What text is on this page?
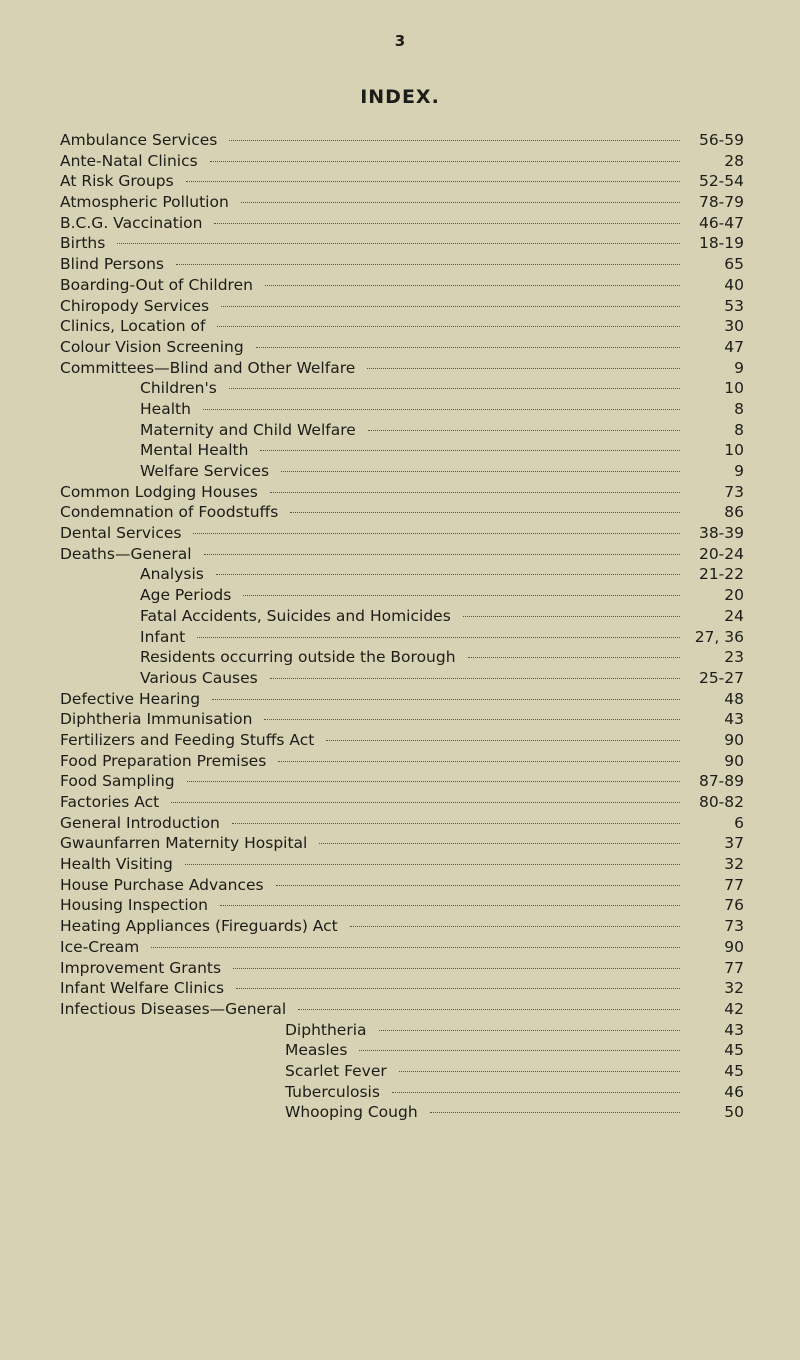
3
INDEX.
Ambulance Services	56-59
Ante-Natal Clinics	28
At Risk Groups	52-54
Atmospheric Pollution	78-79
B.C.G. Vaccination	46-47
Births	18-19
Blind Persons	65
Boarding-Out of Children	40
Chiropody Services	53
Clinics, Location of	30
Colour Vision Screening	47
Committees—Blind and Other Welfare	9
Children's	10
Health	8
Maternity and Child Welfare	8
Mental Health	10
Welfare Services	9
Common Lodging Houses	73
Condemnation of Foodstuffs	86
Dental Services	38-39
Deaths—General	20-24
Analysis	21-22
Age Periods	20
Fatal Accidents, Suicides and Homicides	24
Infant	27, 36
Residents occurring outside the Borough	23
Various Causes	25-27
Defective Hearing	48
Diphtheria Immunisation	43
Fertilizers and Feeding Stuffs Act	90
Food Preparation Premises	90
Food Sampling	87-89
Factories Act	80-82
General Introduction	6
Gwaunfarren Maternity Hospital	37
Health Visiting	32
House Purchase Advances	77
Housing Inspection	76
Heating Appliances (Fireguards) Act	73
Ice-Cream	90
Improvement Grants	77
Infant Welfare Clinics	32
Infectious Diseases—General	42
Diphtheria	43
Measles	45
Scarlet Fever	45
Tuberculosis	46
Whooping Cough	50
